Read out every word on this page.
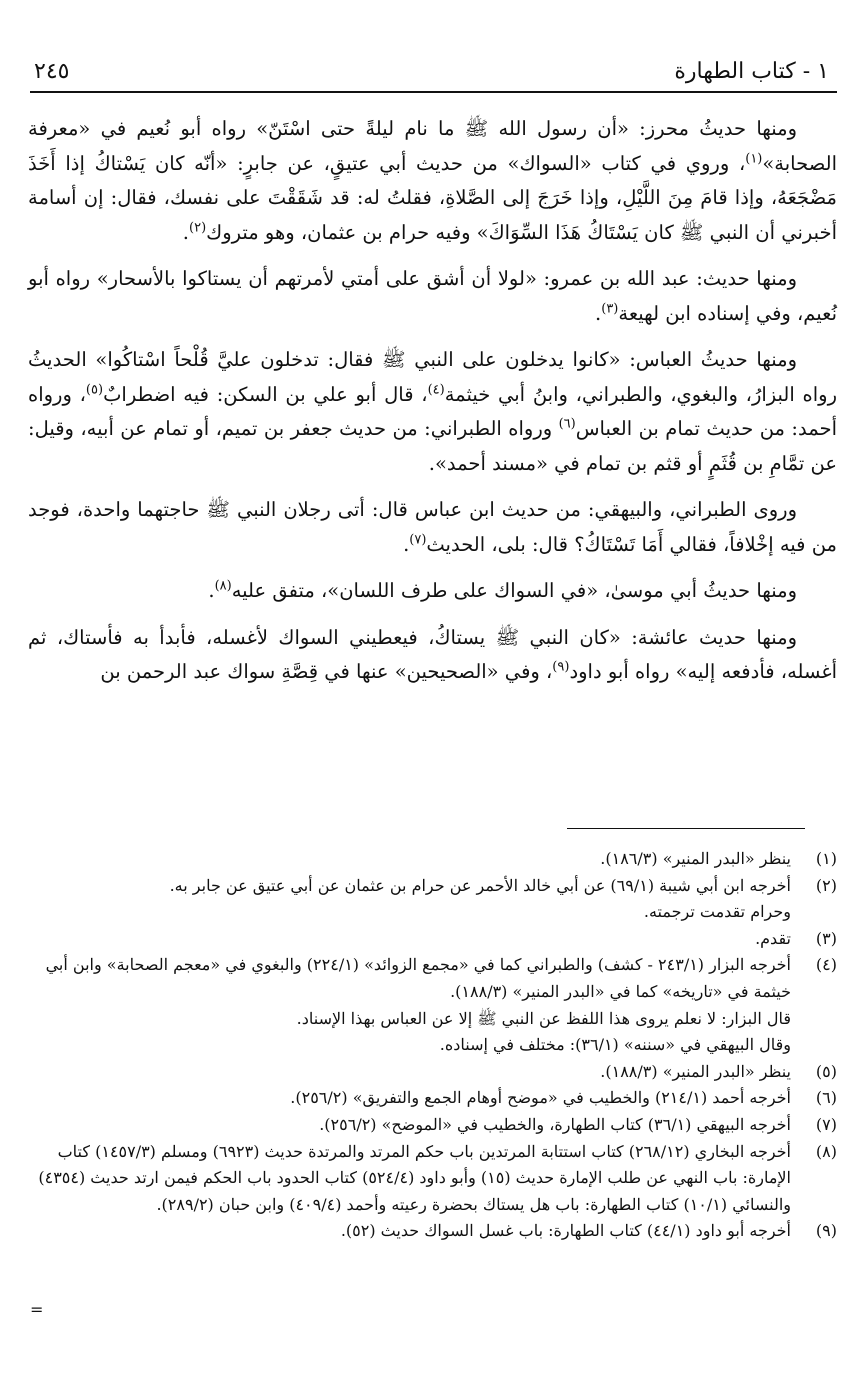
١ - كتاب الطهارة
٢٤٥

ومنها حديثُ محرز: «أن رسول الله ﷺ ما نام ليلةً حتى اسْتَنّ» رواه أبو نُعيم في «معرفة الصحابة»$^{(١)}$، وروي في كتاب «السواك» من حديث أبي عتيقٍ، عن جابرٍ: «أنّه كان يَسْتاكُ إذا أَخَذَ مَضْجَعَهُ، وإذا قامَ مِنَ اللَّيْلِ، وإذا خَرَجَ إلى الصَّلاةِ، فقلتُ له: قد شَقَقْتَ على نفسك، فقال: إن أسامة أخبرني أن النبي ﷺ كان يَسْتَاكُ هَذَا السِّوَاكَ» وفيه حرام بن عثمان، وهو متروك$^{(٢)}$.

ومنها حديث: عبد الله بن عمرو: «لولا أن أشق على أمتي لأمرتهم أن يستاكوا بالأسحار» رواه أبو نُعيم، وفي إسناده ابن لهيعة$^{(٣)}$.

ومنها حديثُ العباس: «كانوا يدخلون على النبي ﷺ فقال: تدخلون عليَّ قُلْحاً اسْتاكُوا» الحديثُ رواه البزارُ، والبغوي، والطبراني، وابنُ أبي خيثمة$^{(٤)}$، قال أبو علي بن السكن: فيه اضطرابٌ$^{(٥)}$، ورواه أحمد: من حديث تمام بن العباس$^{(٦)}$ ورواه الطبراني: من حديث جعفر بن تميم، أو تمام عن أبيه، وقيل: عن تمَّامِ بن قُثَمٍ أو قثم بن تمام في «مسند أحمد».

وروى الطبراني، والبيهقي: من حديث ابن عباس قال: أتى رجلان النبي ﷺ حاجتهما واحدة، فوجد من فيه إخْلافاً، فقالي أَمَا تَسْتَاكُ؟ قال: بلى، الحديث$^{(٧)}$.

ومنها حديثُ أبي موسىٰ، «في السواك على طرف اللسان»، متفق عليه$^{(٨)}$.

ومنها حديث عائشة: «كان النبي ﷺ يستاكُ، فيعطيني السواك لأغسله، فأبدأ به فأستاك، ثم أغسله، فأدفعه إليه» رواه أبو داود$^{(٩)}$، وفي «الصحيحين» عنها في قِصَّةِ سواك عبد الرحمن بن

(١)
ينظر «البدر المنير» (١٨٦/٣).
(٢)
أخرجه ابن أبي شيبة (٦٩/١) عن أبي خالد الأحمر عن حرام بن عثمان عن أبي عتيق عن جابر به.
وحرام تقدمت ترجمته.
(٣)
تقدم.
(٤)
أخرجه البزار (٢٤٣/١ - كشف) والطبراني كما في «مجمع الزوائد» (٢٢٤/١) والبغوي في «معجم الصحابة» وابن أبي خيثمة في «تاريخه» كما في «البدر المنير» (١٨٨/٣).
قال البزار: لا نعلم يروى هذا اللفظ عن النبي ﷺ إلا عن العباس بهذا الإسناد.
وقال البيهقي في «سننه» (٣٦/١): مختلف في إسناده.
(٥)
ينظر «البدر المنير» (١٨٨/٣).
(٦)
أخرجه أحمد (٢١٤/١) والخطيب في «موضح أوهام الجمع والتفريق» (٢٥٦/٢).
(٧)
أخرجه البيهقي (٣٦/١) كتاب الطهارة، والخطيب في «الموضح» (٢٥٦/٢).
(٨)
أخرجه البخاري (٢٦٨/١٢) كتاب استتابة المرتدين باب حكم المرتد والمرتدة حديث (٦٩٢٣) ومسلم (١٤٥٧/٣) كتاب الإمارة: باب النهي عن طلب الإمارة حديث (١٥) وأبو داود (٥٢٤/٤) كتاب الحدود باب الحكم فيمن ارتد حديث (٤٣٥٤) والنسائي (١٠/١) كتاب الطهارة: باب هل يستاك بحضرة رعيته وأحمد (٤٠٩/٤) وابن حبان (٢٨٩/٢).
(٩)
أخرجه أبو داود (٤٤/١) كتاب الطهارة: باب غسل السواك حديث (٥٢).
=
